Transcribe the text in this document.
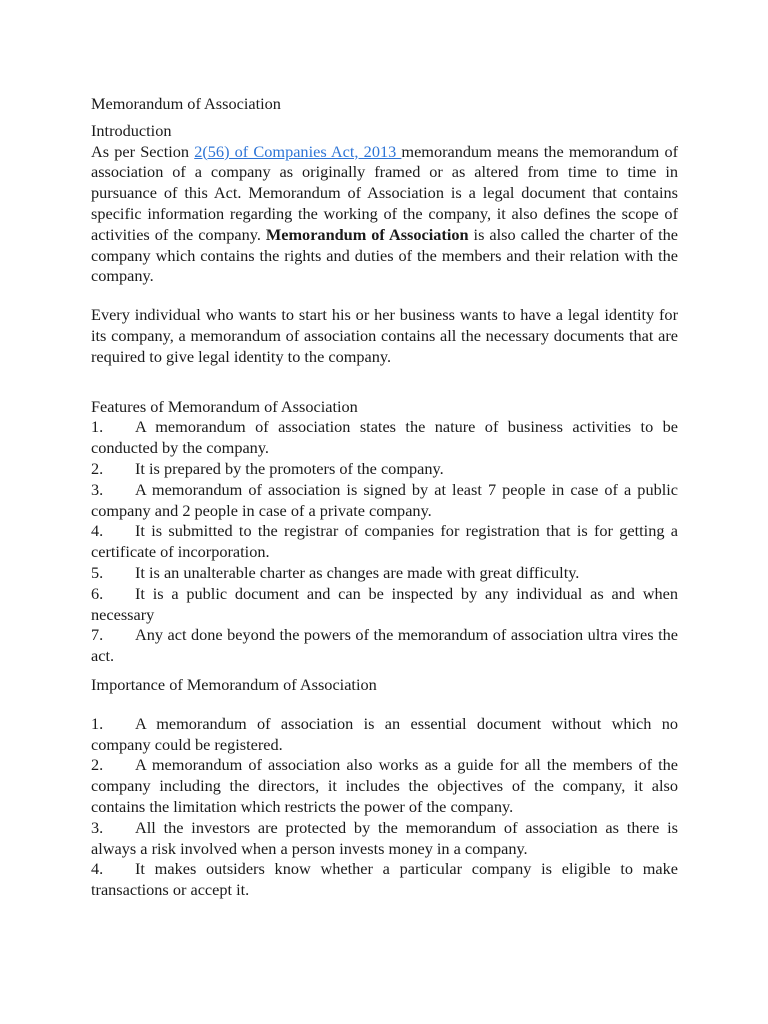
Memorandum of Association

Introduction

As per Section 2(56) of Companies Act, 2013 memorandum means the memorandum of association of a company as originally framed or as altered from time to time in pursuance of this Act. Memorandum of Association is a legal document that contains specific information regarding the working of the company, it also defines the scope of activities of the company. Memorandum of Association is also called the charter of the company which contains the rights and duties of the members and their relation with the company.

Every individual who wants to start his or her business wants to have a legal identity for its company, a memorandum of association contains all the necessary documents that are required to give legal identity to the company.

Features of Memorandum of Association

1. A memorandum of association states the nature of business activities to be conducted by the company.
2. It is prepared by the promoters of the company.
3. A memorandum of association is signed by at least 7 people in case of a public company and 2 people in case of a private company.
4. It is submitted to the registrar of companies for registration that is for getting a certificate of incorporation.
5. It is an unalterable charter as changes are made with great difficulty.
6. It is a public document and can be inspected by any individual as and when necessary
7. Any act done beyond the powers of the memorandum of association ultra vires the act.

Importance of Memorandum of Association

1. A memorandum of association is an essential document without which no company could be registered.
2. A memorandum of association also works as a guide for all the members of the company including the directors, it includes the objectives of the company, it also contains the limitation which restricts the power of the company.
3. All the investors are protected by the memorandum of association as there is always a risk involved when a person invests money in a company.
4. It makes outsiders know whether a particular company is eligible to make transactions or accept it.
